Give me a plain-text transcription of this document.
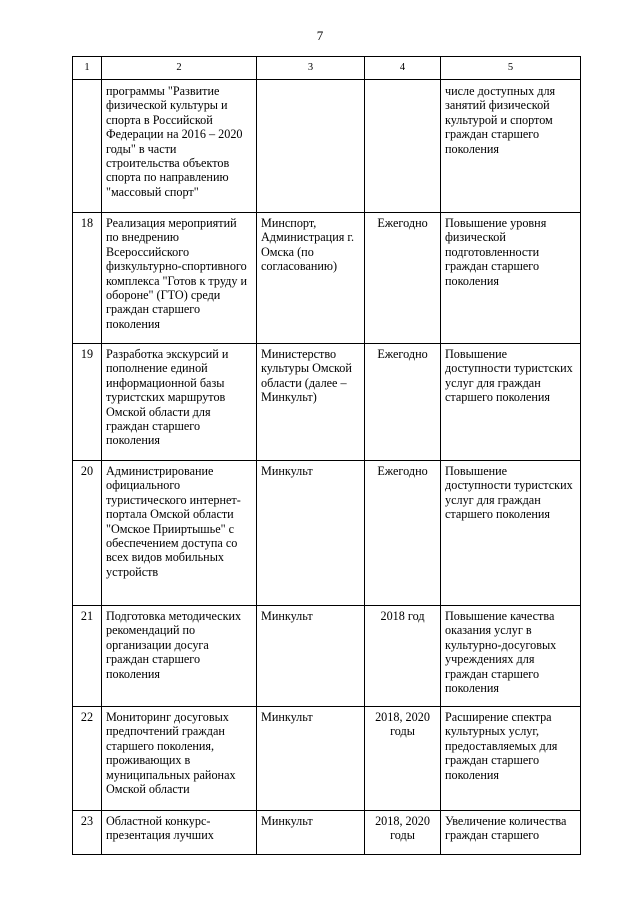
7
1	2	3	4	5
	программы "Развитие физической культуры и спорта в Российской Федерации на 2016 – 2020 годы" в части строительства объектов спорта по направлению "массовый спорт"			числе доступных для занятий физической культурой и спортом граждан старшего поколения
18	Реализация мероприятий по внедрению Всероссийского физкультурно-спортивного комплекса "Готов к труду и обороне" (ГТО) среди граждан старшего поколения	Минспорт, Администрация г. Омска (по согласованию)	Ежегодно	Повышение уровня физической подготовленности граждан старшего поколения
19	Разработка экскурсий и пополнение единой информационной базы туристских маршрутов Омской области для граждан старшего поколения	Министерство культуры Омской области (далее – Минкульт)	Ежегодно	Повышение доступности туристских услуг для граждан старшего поколения
20	Администрирование официального туристического интернет-портала Омской области "Омское Прииртышье" с обеспечением доступа со всех видов мобильных устройств	Минкульт	Ежегодно	Повышение доступности туристских услуг для граждан старшего поколения
21	Подготовка методических рекомендаций по организации досуга граждан старшего поколения	Минкульт	2018 год	Повышение качества оказания услуг в культурно-досуговых учреждениях для граждан старшего поколения
22	Мониторинг досуговых предпочтений граждан старшего поколения, проживающих в муниципальных районах Омской области	Минкульт	2018, 2020 годы	Расширение спектра культурных услуг, предоставляемых для граждан старшего поколения
23	Областной конкурс-презентация лучших	Минкульт	2018, 2020 годы	Увеличение количества граждан старшего
